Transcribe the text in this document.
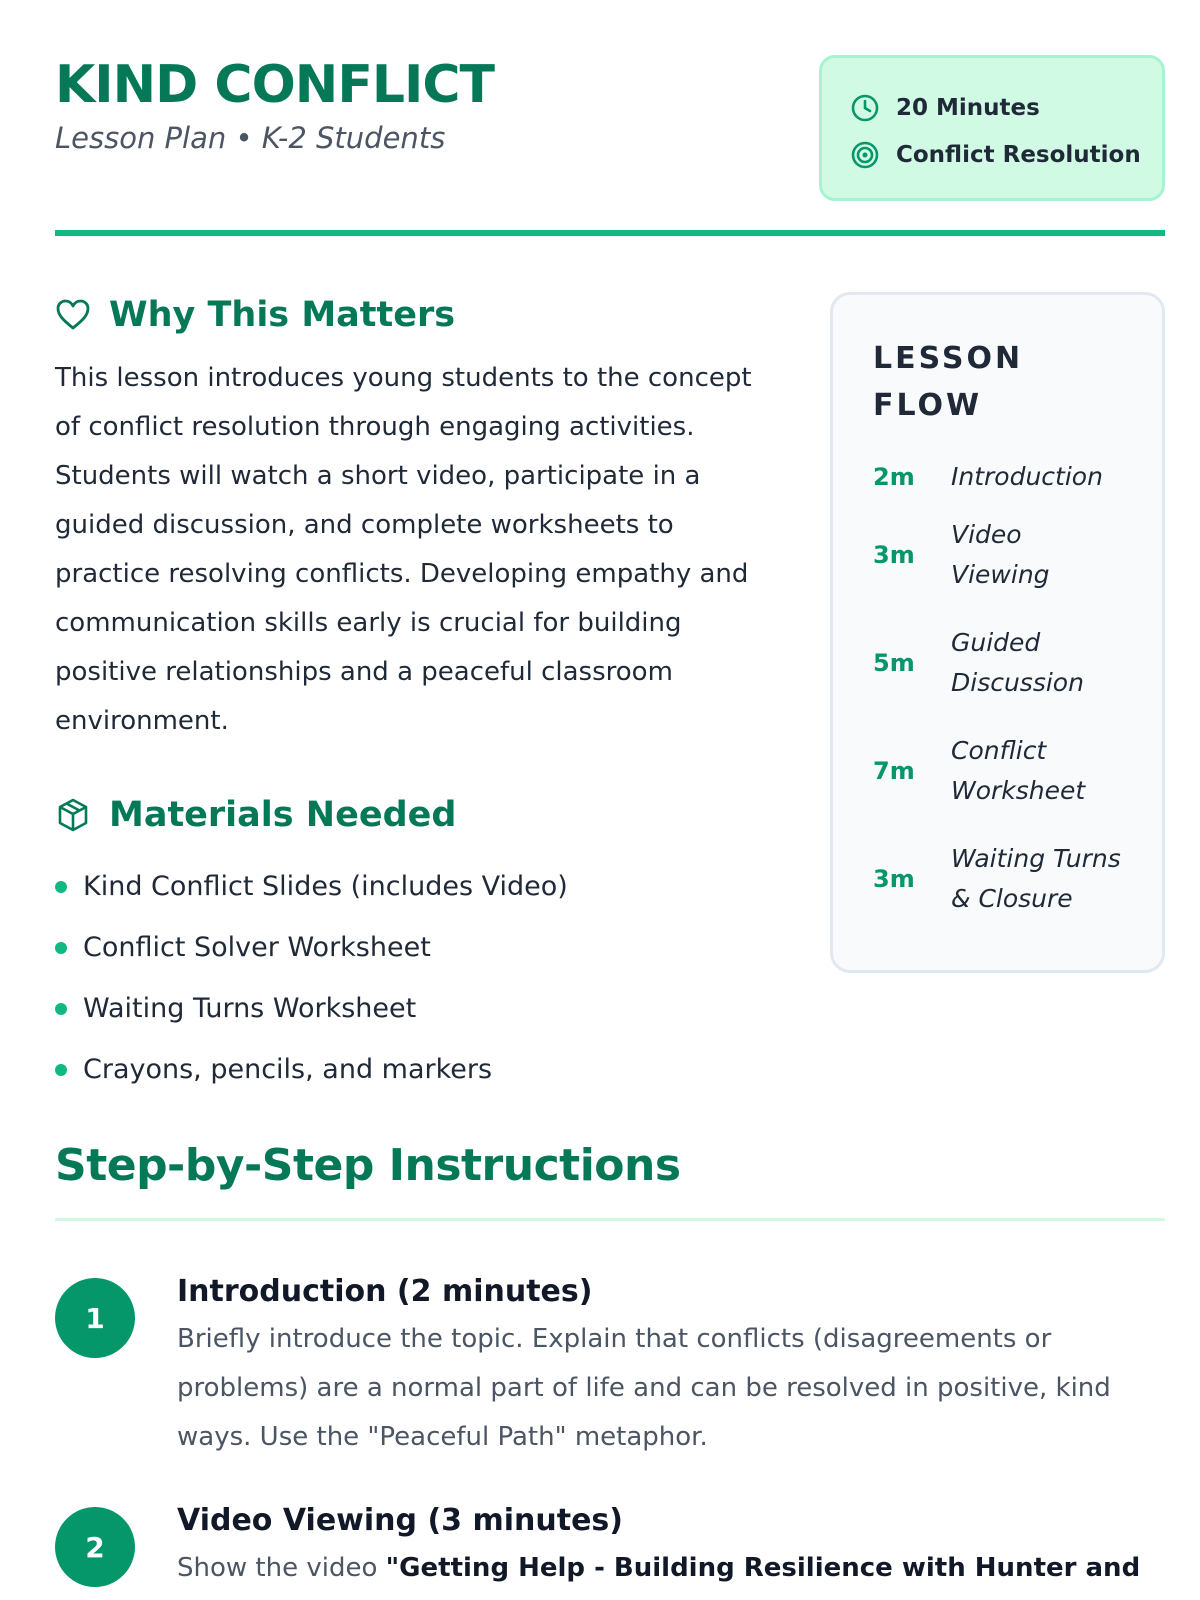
KIND CONFLICT
Lesson Plan • K-2 Students
20 Minutes
Conflict Resolution
Why This Matters

This lesson introduces young students to the concept of conflict resolution through engaging activities. Students will watch a short video, participate in a guided discussion, and complete worksheets to practice resolving conflicts. Developing empathy and communication skills early is crucial for building positive relationships and a peaceful classroom environment.

Materials Needed
Kind Conflict Slides (includes Video)
Conflict Solver Worksheet
Waiting Turns Worksheet
Crayons, pencils, and markers
LESSON FLOW
2m	Introduction
3m
Video Viewing
5m
Guided Discussion
7m
Conflict Worksheet
3m
Waiting Turns & Closure
Step-by-Step Instructions
1
Introduction (2 minutes)

Briefly introduce the topic. Explain that conflicts (disagreements or problems) are a normal part of life and can be resolved in positive, kind ways. Use the "Peaceful Path" metaphor.

2
Video Viewing (3 minutes)

Show the video "Getting Help - Building Resilience with Hunter and
